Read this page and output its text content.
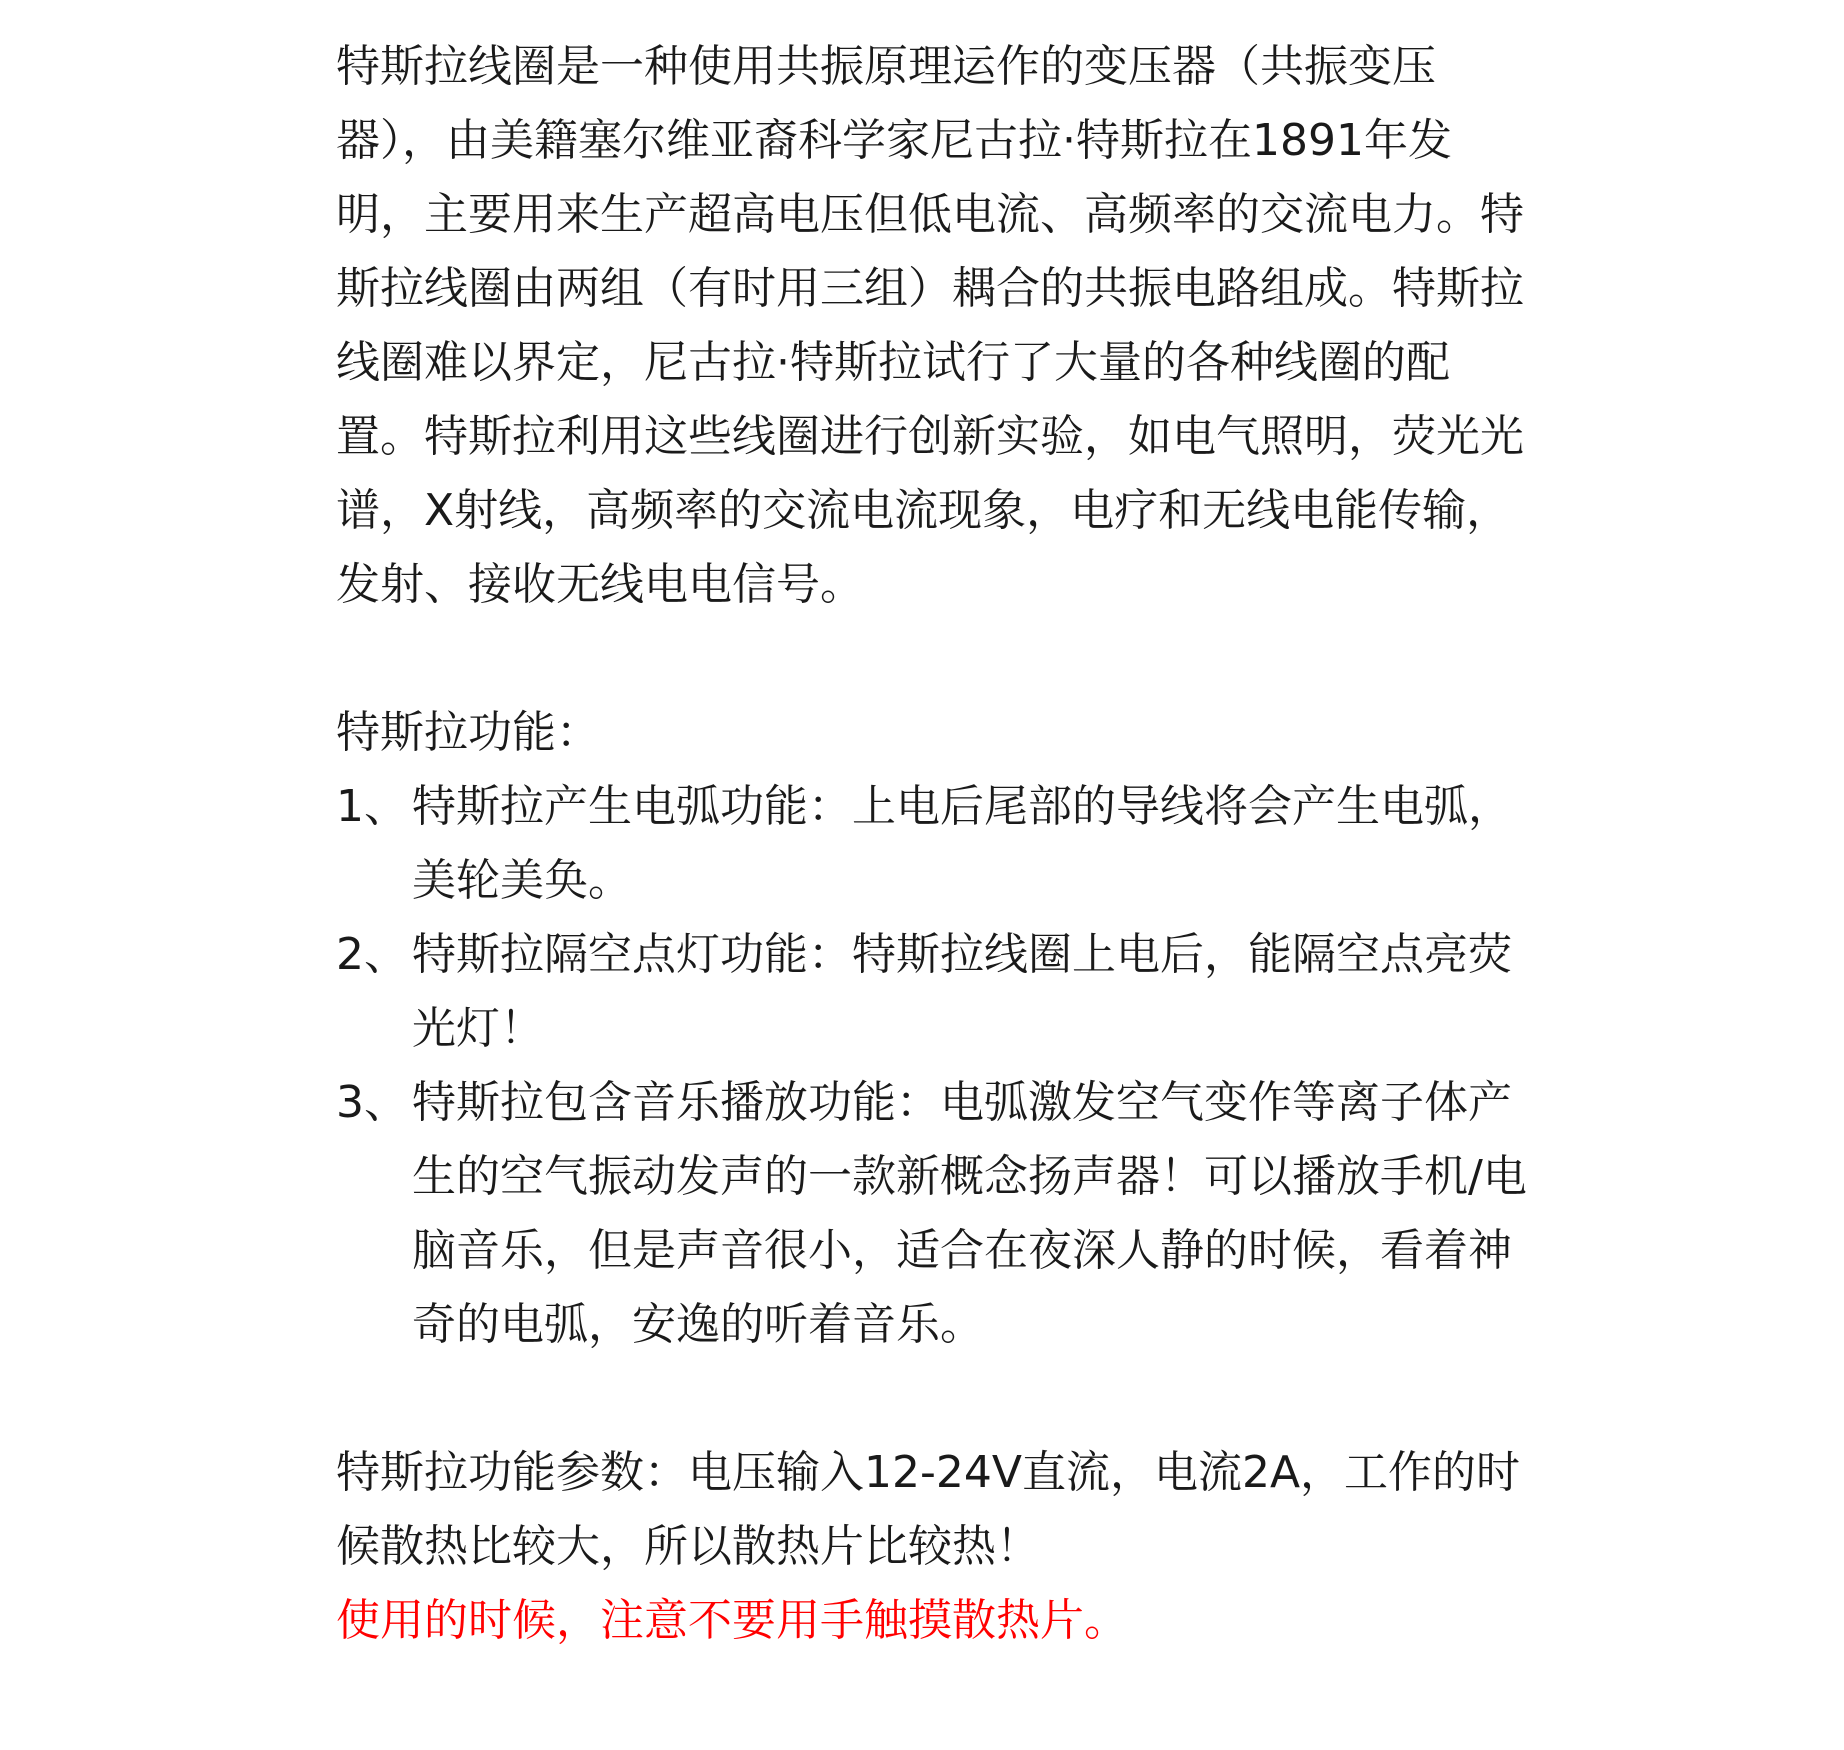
特斯拉线圈是一种使用共振原理运作的变压器（共振变压器），由美籍塞尔维亚裔科学家尼古拉·特斯拉在1891年发明，主要用来生产超高电压但低电流、高频率的交流电力。特斯拉线圈由两组（有时用三组）耦合的共振电路组成。特斯拉线圈难以界定，尼古拉·特斯拉试行了大量的各种线圈的配置。特斯拉利用这些线圈进行创新实验，如电气照明，荧光光谱，X射线，高频率的交流电流现象，电疗和无线电能传输，发射、接收无线电电信号。

特斯拉功能：

1、 特斯拉产生电弧功能：上电后尾部的导线将会产生电弧，美轮美奂。
2、 特斯拉隔空点灯功能：特斯拉线圈上电后，能隔空点亮荧光灯！
3、 特斯拉包含音乐播放功能：电弧激发空气变作等离子体产生的空气振动发声的一款新概念扬声器！可以播放手机/电脑音乐，但是声音很小，适合在夜深人静的时候，看着神奇的电弧，安逸的听着音乐。

特斯拉功能参数：电压输入12-24V直流，电流2A，工作的时候散热比较大，所以散热片比较热！

使用的时候，注意不要用手触摸散热片。
